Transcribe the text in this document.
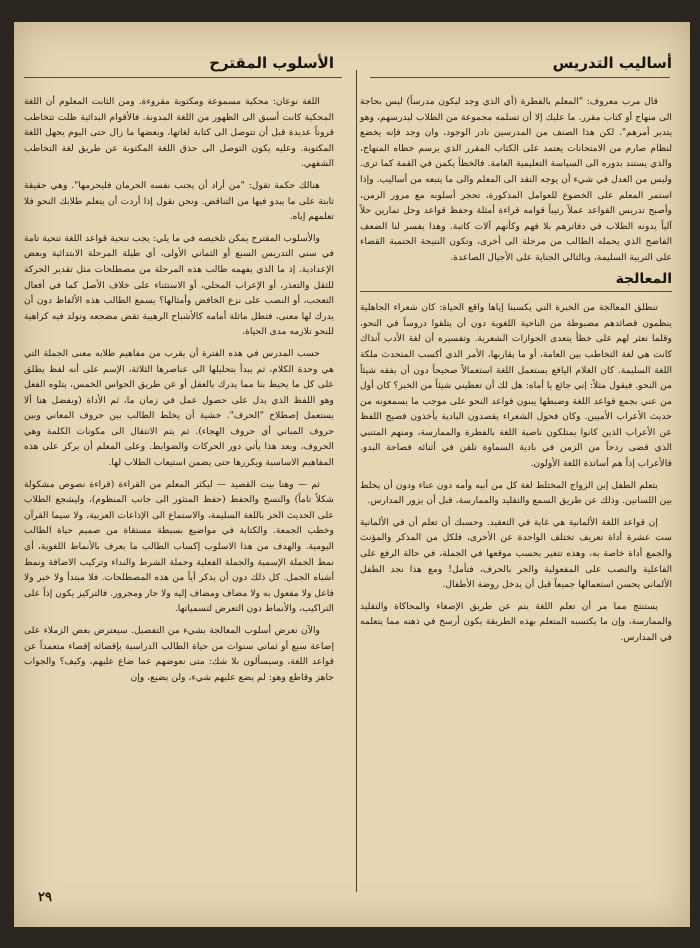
أساليب التدريس

قال مرب معروف: "المعلم بالفطرة (أي الذي وجد ليكون مدرساً) ليس بحاجة الى منهاج أو كتاب مقرر. ما عليك إلا أن تسلمه مجموعة من الطلاب ليدرسهم، وهو يتدبر أمرهم". لكن هذا الصنف من المدرسين نادر الوجود، وان وجد فإنه يخضع لنظام صارم من الامتحانات يعتمد على الكتاب المقرر الذي يرسم خطاه المنهاج، والذي يستند بدوره الى السياسة التعليمية العامة. فالخطأ يكمن في القمة كما ترى. وليس من العدل في شيء أن يوجه النقد الى المعلم والى ما يتبعه من أساليب. وإذا استمر المعلم على الخضوع للعوامل المذكورة، تحجر أسلوبه مع مرور الزمن، وأصبح تدريس القواعد عملاً رتيباً قوامه قراءة أمثلة وحفظ قواعد وحل تمارين حلاً آلياً يدونه الطلاب في دفاترهم بلا فهم وكأنهم آلات كاتبة. وهذا يفسر لنا الضعف الفاضح الذي يحمله الطالب من مرحلة الى أخرى، وتكون النتيجة الحتمية القضاء على التربية السليمة، وبالتالي الجناية على الأجيال الصاعدة.

المعالجة

تنطلق المعالجة من الخبرة التي يكسبنا إياها واقع الحياة: كان شعراء الجاهلية ينظمون قصائدهم مضبوطة من الناحية اللغوية دون أن يتلقوا دروساً في النحو، وقلما نعثر لهم على خطأ يتعدى الجوازات الشعرية. وتفسيره أن لغة الأدب آنذاك كانت هي لغة التخاطب بين العامة، أو ما يقاربها، الأمر الذي أكسب المتحدث ملكة اللغة السليمة. كان الغلام اليافع يستعمل اللغة استعمالاً صحيحاً دون أن يفقه شيئاً من النحو. فيقول مثلاً: إني جائع يا أماه: هل لك أن تعطيني شيئاً من الخبز؟ كان أول من عني بجمع قواعد اللغة وضبطها يبنون قواعد النحو على موجب ما يسمعونه من حديث الأعراب الأميين. وكان فحول الشعراء يقصدون البادية يأخذون فصيح اللفظ عن الأعراب الذين كانوا يمتلكون ناصية اللغة بالفطرة والممارسة، ومنهم المتنبي الذي قضى ردحاً من الزمن في بادية السماوة تلقن في أثنائه فصاحة البدو. فالأعراب إذاً هم أساتذة اللغة الأولون.

يتعلم الطفل إبن الزواج المختلط لغة كل من أبيه وأمه دون عناء ودون أن يخلط بين اللسانين. وذلك عن طريق السمع والتقليد والممارسة، قبل أن يزور المدارس.

إن قواعد اللغة الألمانية هي غاية في التعقيد. وحسبك أن تعلم أن في الألمانية ست عشرة أداة تعريف تختلف الواحدة عن الأخرى، فلكل من المذكر والمؤنث والجمع أداة خاصة به، وهذه تتغير بحسب موقعها في الجملة، في حالة الرفع على الفاعلية والنصب على المفعولية والجر بالحرف، فتأمل! ومع هذا نجد الطفل الألماني يحسن استعمالها جميعاً قبل أن يدخل روضة الأطفال.

يستنتج مما مر أن تعلم اللغة يتم عن طريق الإصغاء والمحاكاة والتقليد والممارسة، وإن ما يكتسبه المتعلم بهذه الطريقة يكون أرسخ في ذهنه مما يتعلمه في المدارس.

الأسلوب المقترح

اللغة نوعان: محكية مسموعة ومكتوبة مقروءة. ومن الثابت المعلوم أن اللغة المحكية كانت أسبق الى الظهور من اللغة المدونة. فالأقوام البدائية ظلت تتخاطب قروناً عديدة قبل أن تتوصل الى كتابة لغاتها، وبعضها ما زال حتى اليوم يجهل اللغة المكتوبة. وعليه يكون التوصل الى حذق اللغة المكتوبة عن طريق لغة التخاطب الشفهي.

هنالك حكمة تقول: "من أراد أن يجنب نفسه الحرمان فليحرمها". وهي حقيقة ثابتة على ما يبدو فيها من التناقض. ونحن نقول إذا أردت أن يتعلم طلابك النحو فلا تعلمهم إياه.

والأسلوب المقترح يمكن تلخيصه في ما يلي: يجب تنحية قواعد اللغة تنحية تامة في سني التدريس السبع أو الثماني الأولى، أي طيلة المرحلة الابتدائية وبعض الإعدادية. إذ ما الذي يفهمه طالب هذه المرحلة من مصطلحات مثل تقدير الحركة للثقل والتعذر، أو الإعراب المحلي، أو الاستثناء على خلاف الأصل كما في أفعال التعجب، أو النصب على نزع الخافض وأمثالها؟ يسمع الطالب هذه الألفاظ دون أن يدرك لها معنى، فتطل ماثلة أمامه كالأشباح الرهيبة تقض مضجعه وتولد فيه كراهية للنحو تلازمه مدى الحياة.

حسب المدرس في هذه الفترة أن يقرب من مفاهيم طلابه معنى الجملة التي هي وحدة الكلام، ثم يبدأ بتحليلها الى عناصرها الثلاثة، الإسم على أنه لفظ يطلق على كل ما يحيط بنا مما يدرك بالعقل أو عن طريق الحواس الخمس، يتلوه الفعل وهو اللفظ الذي يدل على حصول عمل في زمان ما، ثم الأداة (ويفضل هنا ألا يستعمل إصطلاح "الحرف". خشية أن يخلط الطالب بين حروف المعاني وبين حروف المباني أي حروف الهجاء). ثم يتم الانتقال الى مكونات الكلمة وهي الحروف، وبعد هذا يأتي دور الحركات والضوابط. وعلى المعلم أن يركز على هذه المفاهيم الاساسية ويكررها حتى يضمن استيعاب الطلاب لها.

ثم — وهنا بيت القصيد — ليكثر المعلم من القراءة (قراءة نصوص مشكولة شكلاً تاماً) والنسخ والحفظ (حفظ المنثور الى جانب المنظوم)، وليشجع الطلاب على الحديث الحر باللغة السليمة، والاستماع الى الإذاعات العربية، ولا سيما القرآن وخطب الجمعة. والكتابة في مواضيع بسيطة مستقاة من صميم حياة الطالب اليومية. والهدف من هذا الاسلوب إكساب الطالب ما يعرف بالأنماط اللغوية، أي نمط الجملة الإسمية والجملة الفعلية وجملة الشرط والنداء وتركيب الاضافة ونمط أشباه الجمل. كل ذلك دون أن يذكر أياً من هذه المصطلحات. فلا مبتدأ ولا خبر ولا فاعل ولا مفعول به ولا مضاف ومضاف إليه ولا جار ومجرور. فالتركيز يكون إذاً على التراكيب، والأنماط دون التعرض لتسمياتها.

والآن نعرض أسلوب المعالجة بشيء من التفصيل. سيعترض بعض الزملاء على إضاعة سبع أو ثماني سنوات من حياة الطالب الدراسية بإقصائه إقصاء متعمداً عن قواعد اللغة، وسيسألون بلا شك: متى نعوضهم عما ضاع عليهم، وكيف؟ والجواب جاهز وقاطع وهو: لم يضع عليهم شيء، ولن يضيع، وإن

٢٩
